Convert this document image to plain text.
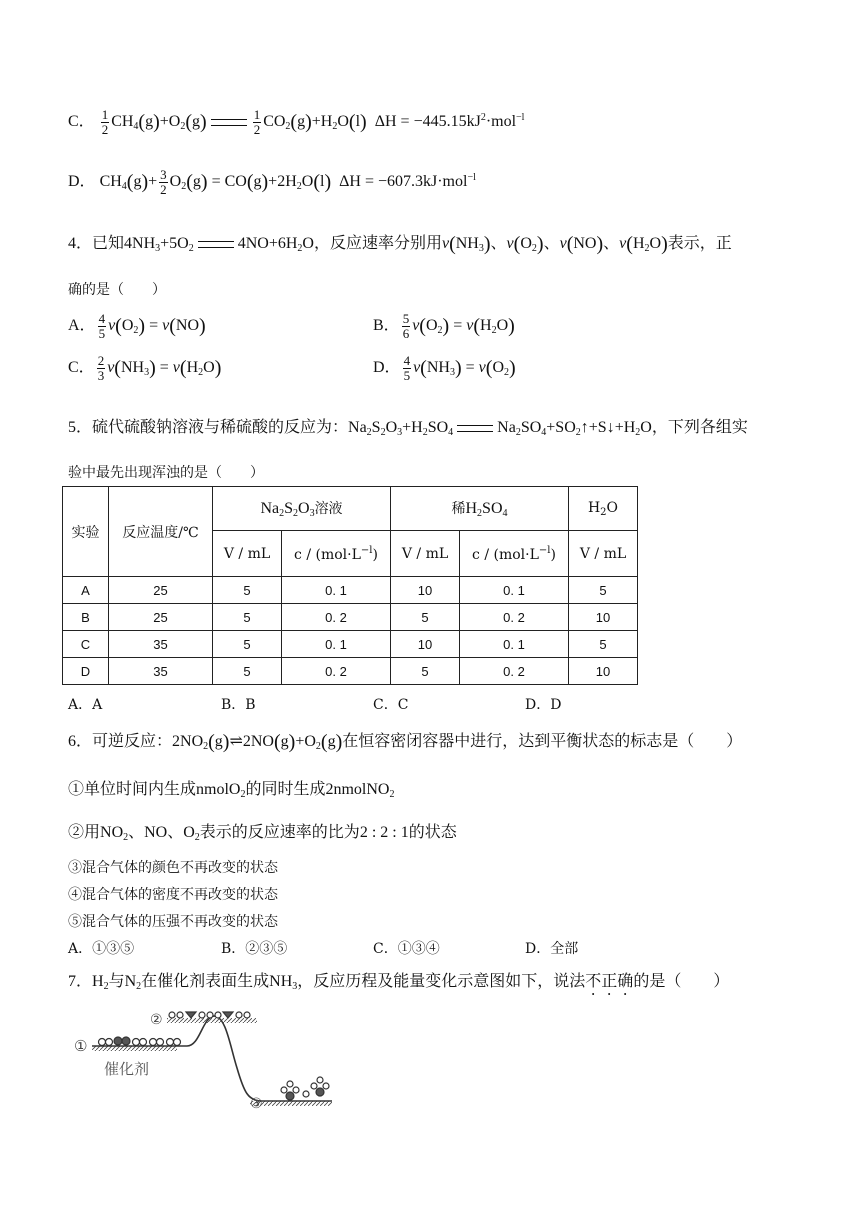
C． $\frac{1}{2} CH_4(g)+O_2(g)$	$\frac{1}{2} CO_2(g)+H_2O(l) \Delta H = -445.15kJ^2\cdot mol^{-l}$
D． $CH_4(g)+ \frac{3}{2} O_2(g) = CO(g)+2H_2O(l) \Delta H = -607.3kJ\cdot mol^{-l}$
4．已知$4NH_3+5O_2$	$4NO+6H_2O$，反应速率分别用$v(NH_3)$、$v(O_2)$、v(NO)、$v(H_2O)$表示，正
确的是（　　）
A． $\frac{4}{5} v(O_2) = v(NO)$	B． $\frac{5}{6} v(O_2) = v(H_2O)$
C． $\frac{2}{3} v(NH_3) = v(H_2O)$	D． $\frac{4}{5} v(NH_3) = v(O_2)$
5．硫代硫酸钠溶液与稀硫酸的反应为：$Na_2S_2O_3+H_2SO_4$	$Na_2SO_4+SO_2↑+S↓+H_2O$，下列各组实
验中最先出现浑浊的是（　　）
实验	反应温度/℃	$Na_2S_2O_3$溶液		稀$H_2SO_4$		$H_2O$
		V / mL	$c / (mol\cdot L^{-l})$	V / mL	$c / (mol\cdot L^{-l})$	V / mL
A	25	5	0. 1	10	0. 1	5
B	25	5	0. 2	5	0. 2	10
C	35	5	0. 1	10	0. 1	5
D	35	5	0. 2	5	0. 2	10
A．A	B．B	C．C	D．D
6．可逆反应：$2NO_2(g)\rightleftharpoons 2NO(g)+O_2(g)$在恒容密闭容器中进行，达到平衡状态的标志是（　　）
①单位时间内生成nmolO$_2$的同时生成2nmolNO$_2$
②用$NO_2$、NO、$O_2$表示的反应速率的比为2 : 2 : 1的状态
③混合气体的颜色不再改变的状态
④混合气体的密度不再改变的状态
⑤混合气体的压强不再改变的状态
A．①③⑤	B．②③⑤	C．①③④	D．全部
7．$H_2$与$N_2$在催化剂表面生成$NH_3$，反应历程及能量变化示意图如下，说法不正确的是（　　）
①
②
③
催化剂
